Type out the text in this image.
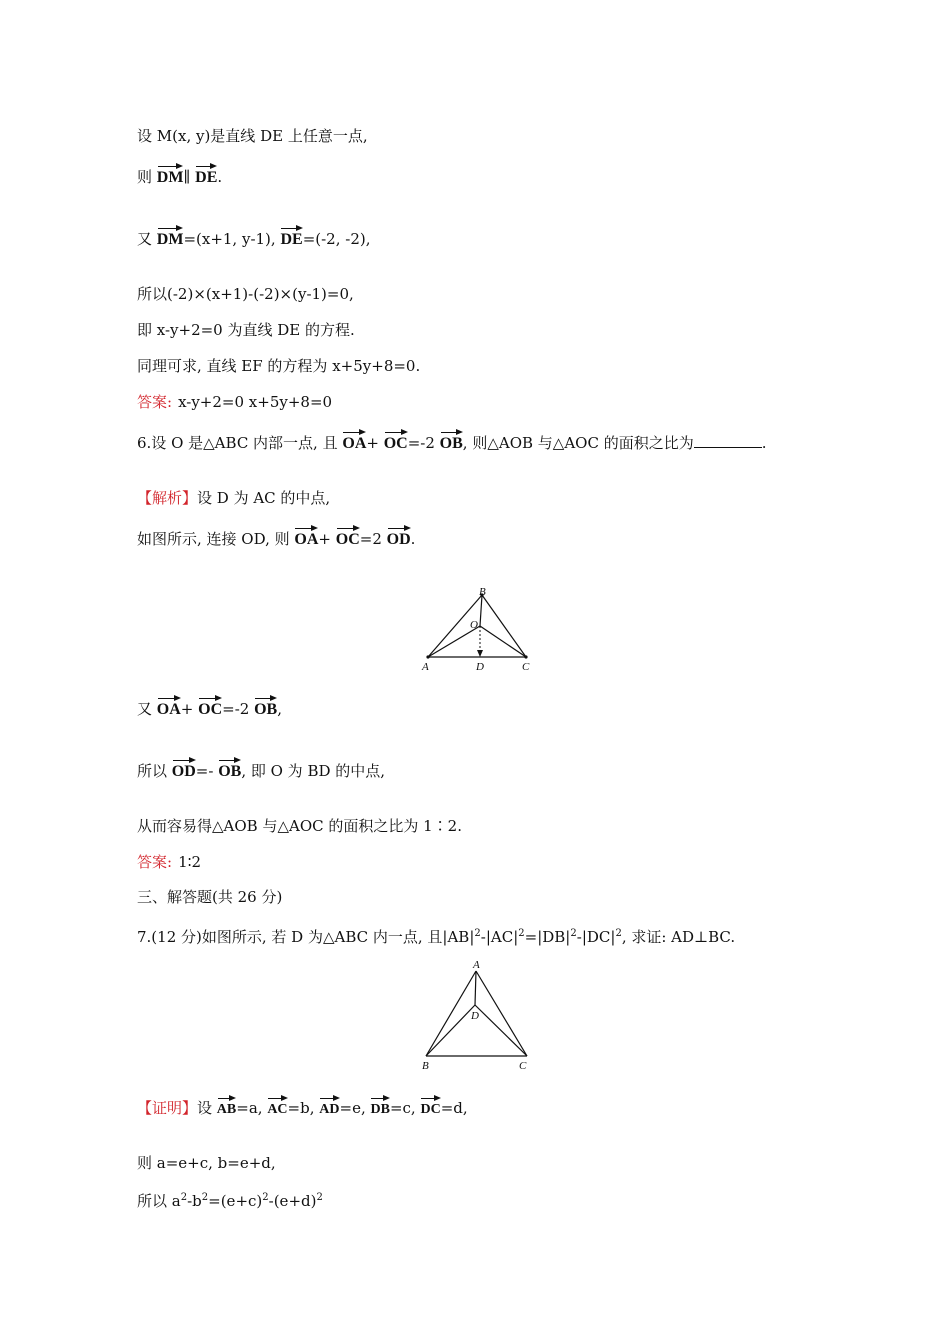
设 M(x, y)是直线 DE 上任意一点,
则 DM∥ DE.
又 DM=(x+1, y-1), DE=(-2, -2),
所以(-2)×(x+1)-(-2)×(y-1)=0,
即 x-y+2=0 为直线 DE 的方程.
同理可求, 直线 EF 的方程为 x+5y+8=0.
答案: x-y+2=0 x+5y+8=0
6.设 O 是△ABC 内部一点, 且 OA+ OC=-2 OB, 则△AOB 与△AOC 的面积之比为	.
【解析】设 D 为 AC 的中点,
如图所示, 连接 OD, 则 OA+ OC=2 OD.
B
O
A	D	C
又 OA+ OC=-2 OB,
所以 OD=- OB, 即 O 为 BD 的中点,
从而容易得△AOB 与△AOC 的面积之比为 1∶2.
答案: 1∶2
三、解答题(共 26 分)
7.(12 分)如图所示, 若 D 为△ABC 内一点, 且$|AB|^2-|AC|^2=|DB|^2-|DC|^2$, 求证: AD⊥BC.
A
D
B	C
【证明】设 AB=a, AC=b, AD=e, DB=c, DC=d,
则 a=e+c, b=e+d,
所以 $a^2-b^2=(e+c)^2-(e+d)^2$
